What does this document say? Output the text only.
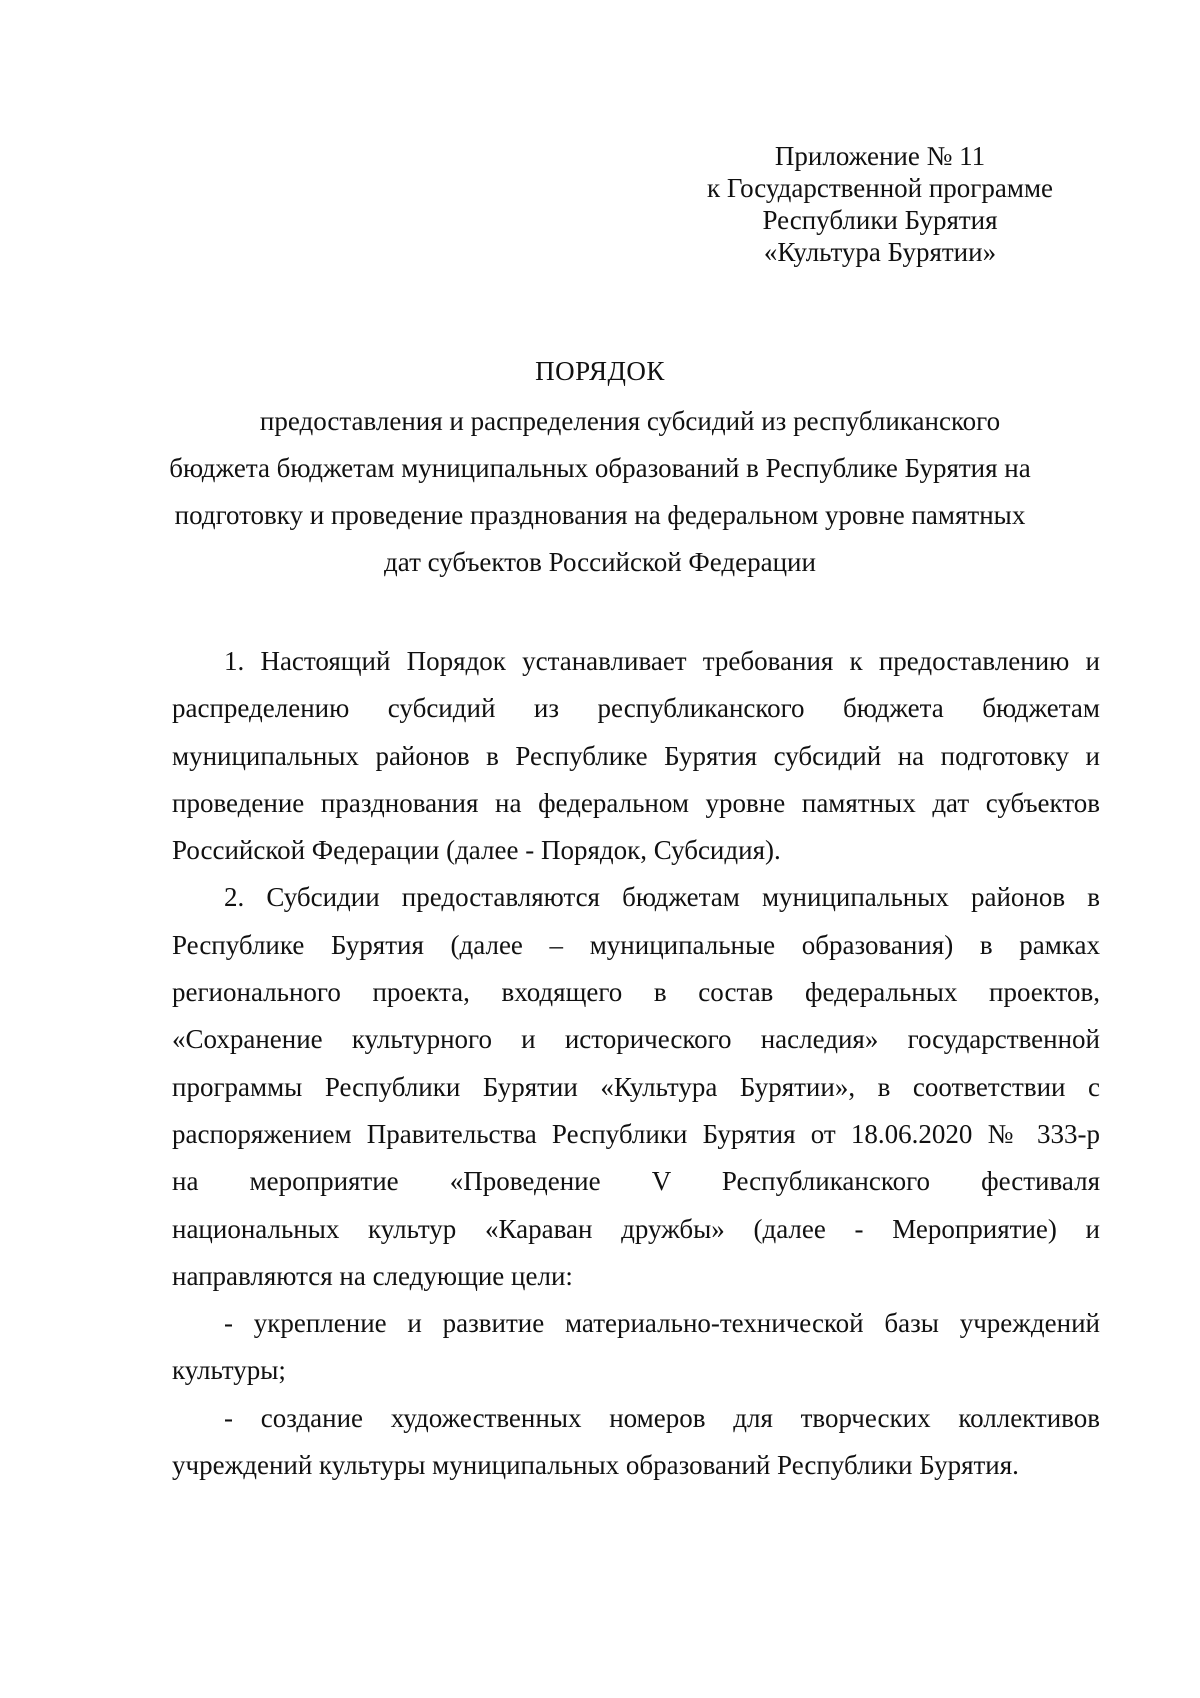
Приложение № 11
к Государственной программе
Республики Бурятия
«Культура Бурятии»
ПОРЯДОК
предоставления и распределения субсидий из республиканского
бюджета бюджетам муниципальных образований в Республике Бурятия на
подготовку и проведение празднования на федеральном уровне памятных
дат субъектов Российской Федерации
1. Настоящий Порядок устанавливает требования к предоставлению и
распределению субсидий из республиканского бюджета бюджетам
муниципальных районов в Республике Бурятия субсидий на подготовку и
проведение празднования на федеральном уровне памятных дат субъектов
Российской Федерации (далее - Порядок, Субсидия).
2. Субсидии предоставляются бюджетам муниципальных районов в
Республике Бурятия (далее – муниципальные образования) в рамках
регионального проекта, входящего в состав федеральных проектов,
«Сохранение культурного и исторического наследия» государственной
программы Республики Бурятии «Культура Бурятии», в соответствии с
распоряжением Правительства Республики Бурятия от 18.06.2020 № 333-р
на мероприятие «Проведение V Республиканского фестиваля
национальных культур «Караван дружбы» (далее - Мероприятие) и
направляются на следующие цели:
- укрепление и развитие материально-технической базы учреждений
культуры;
- создание художественных номеров для творческих коллективов
учреждений культуры муниципальных образований Республики Бурятия.
